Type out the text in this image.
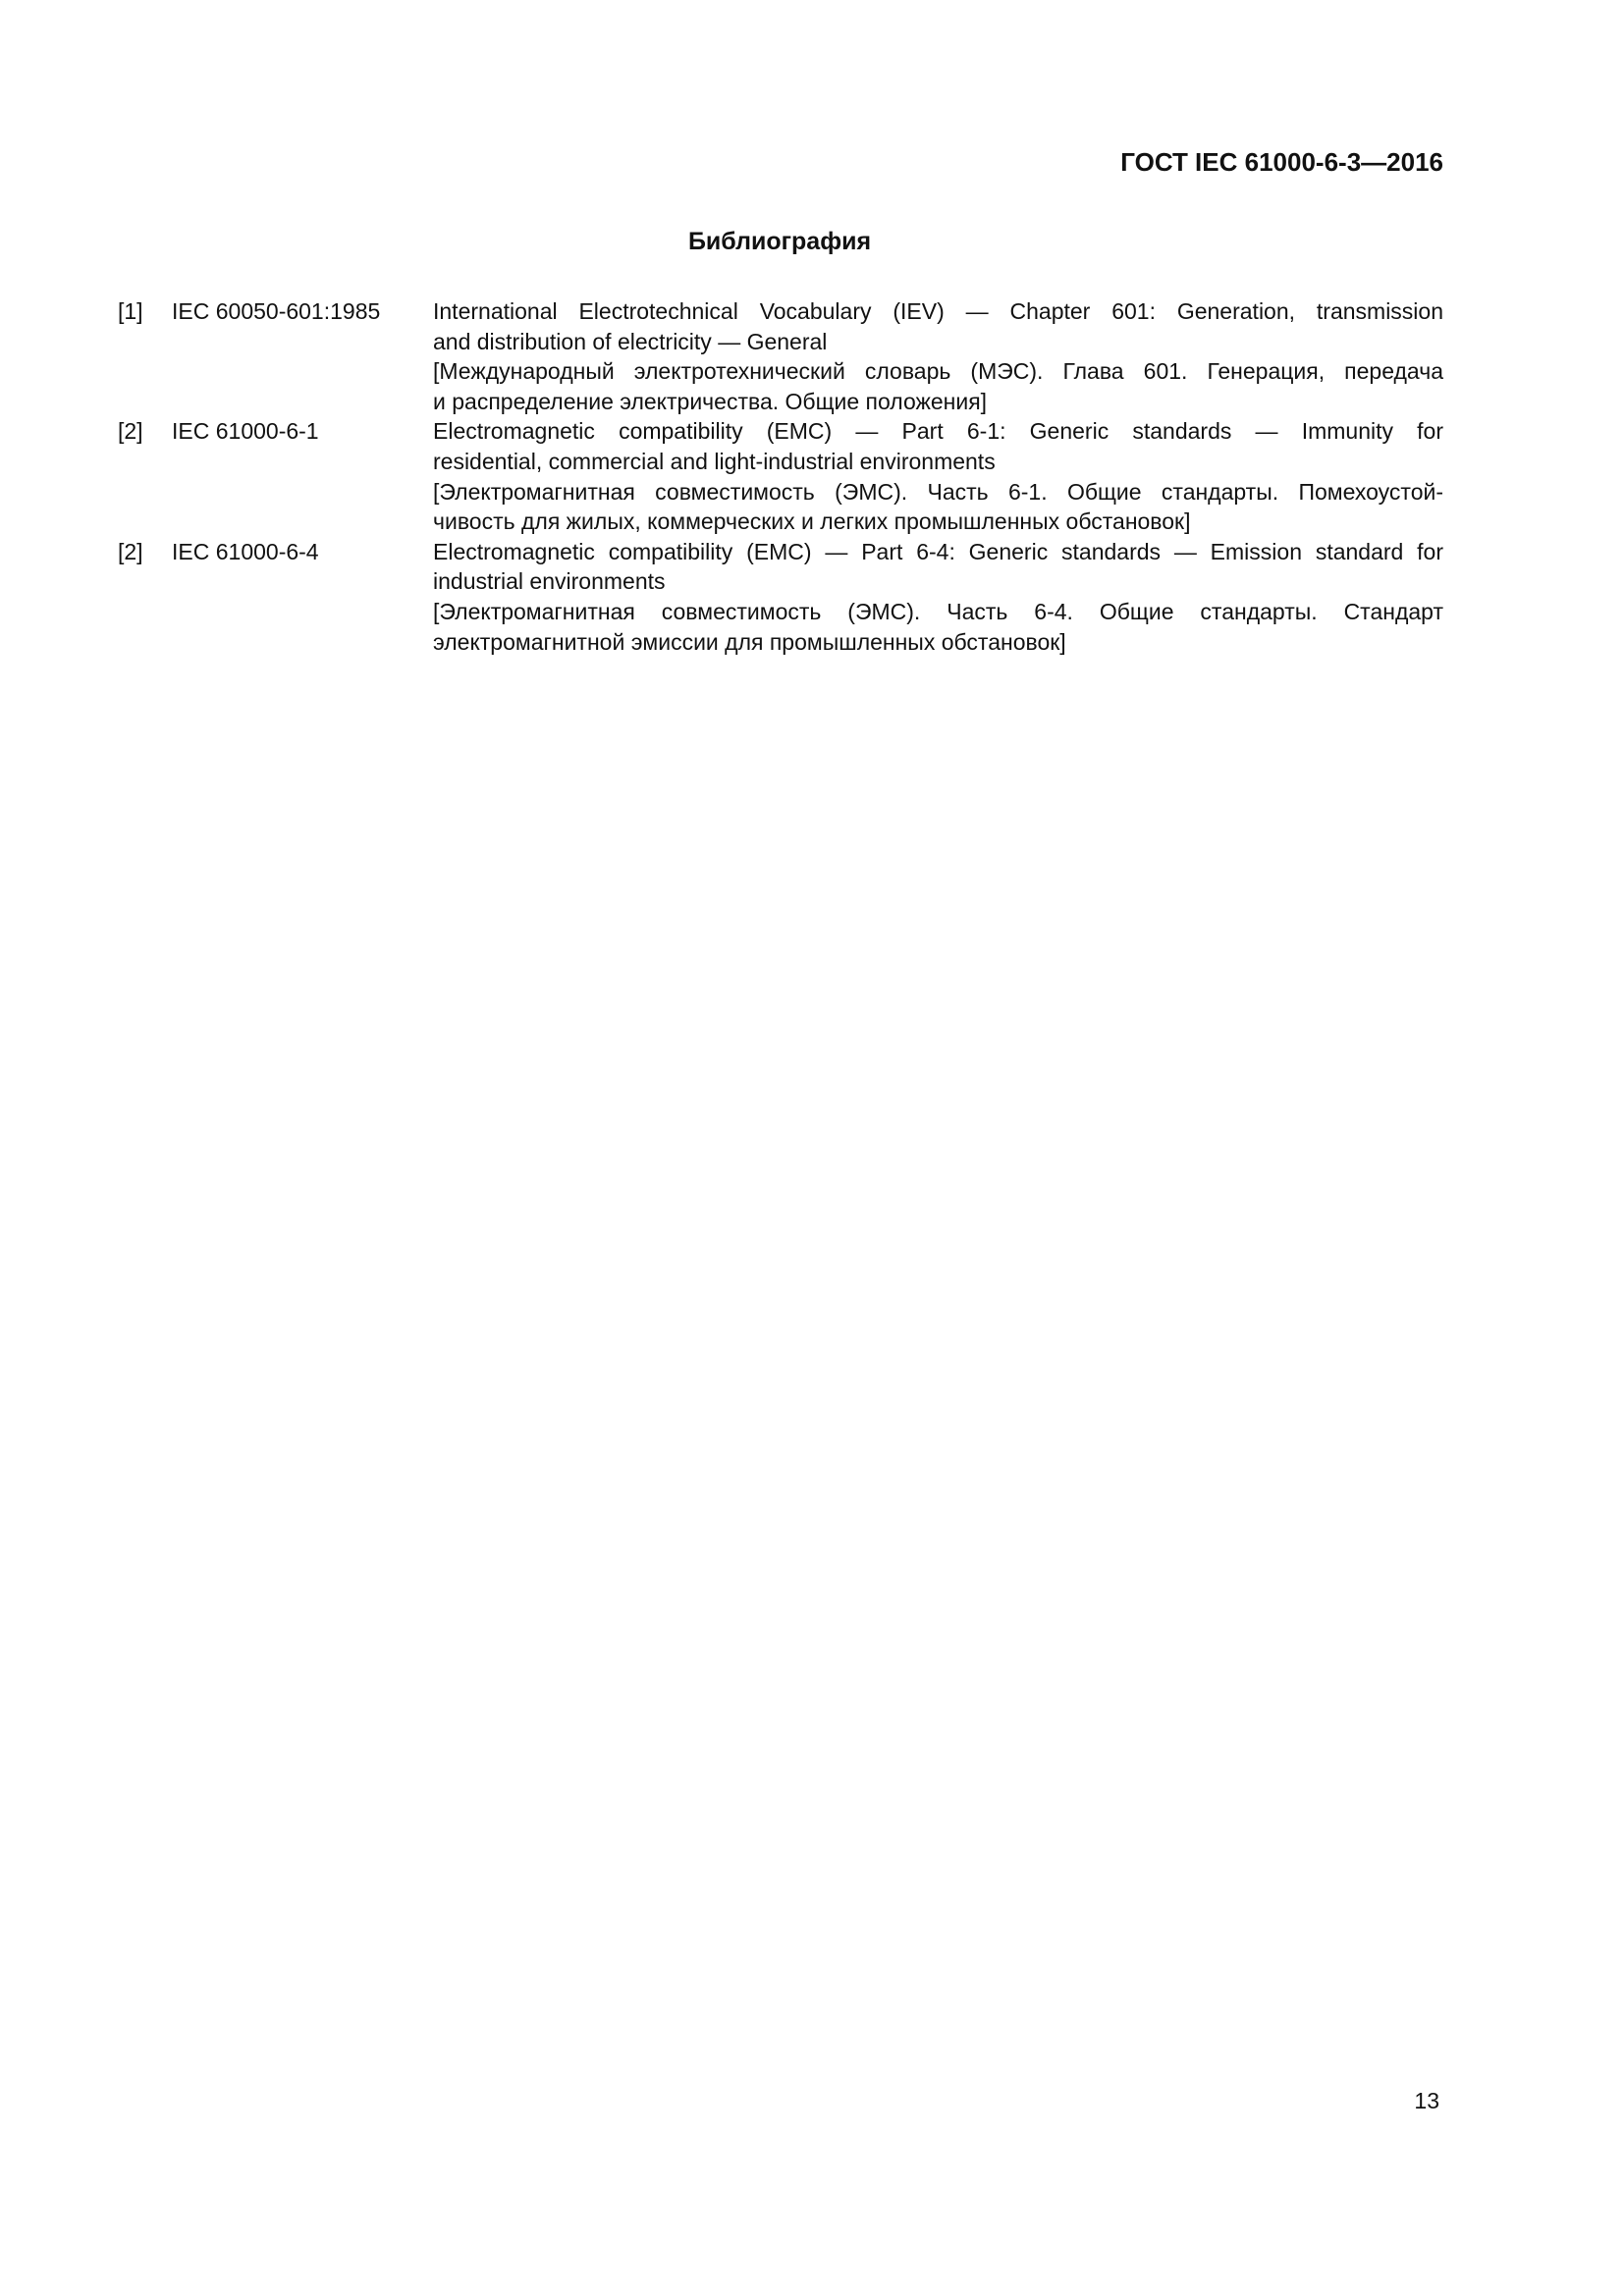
ГОСТ IEC 61000-6-3—2016
Библиография
[1]	IEC 60050-601:1985	International Electrotechnical Vocabulary (IEV) — Chapter 601: Generation, transmission
and distribution of electricity — General
[Международный электротехнический словарь (МЭС). Глава 601. Генерация, передача
и распределение электричества. Общие положения]
[2]	IEC 61000-6-1	Electromagnetic compatibility (EMC) — Part 6-1: Generic standards — Immunity for
residential, commercial and light-industrial environments
[Электромагнитная совместимость (ЭМС). Часть 6-1. Общие стандарты. Помехоустой-
чивость для жилых, коммерческих и легких промышленных обстановок]
[2]	IEC 61000-6-4	Electromagnetic compatibility (EMC) — Part 6-4: Generic standards — Emission standard for
industrial environments
[Электромагнитная совместимость (ЭМС). Часть 6-4. Общие стандарты. Стандарт
электромагнитной эмиссии для промышленных обстановок]
13
